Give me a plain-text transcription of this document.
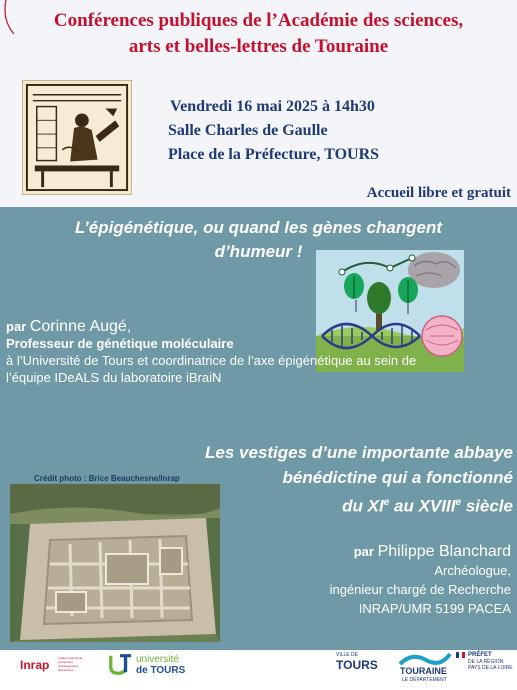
Conférences publiques de l’Académie des sciences,
arts et belles-lettres de Touraine
Vendredi 16 mai 2025 à 14h30
Salle Charles de Gaulle
Place de la Préfecture, TOURS
Accueil libre et gratuit
L’épigénétique, ou quand les gènes changent
d’humeur !
par Corinne Augé,
Professeur de génétique moléculaire
à l’Université de Tours et coordinatrice de l’axe épigénétique au sein de
l’équipe IDeALS du laboratoire iBraiN
Les vestiges d’une importante abbaye
bénédictine qui a fonctionné
du XIe au XVIIIe siècle
Crédit photo : Brice Beauchesne/Inrap
par Philippe Blanchard
Archéologue,
ingénieur chargé de Recherche
INRAP/UMR 5199 PACEA
Inrap	Institut national de recherches archéologiques préventives
université
de TOURS
VILLE DE
TOURS	TOURAINE
LE DÉPARTEMENT
PRÉFET
DE LA RÉGION
PAYS DE LA LOIRE
